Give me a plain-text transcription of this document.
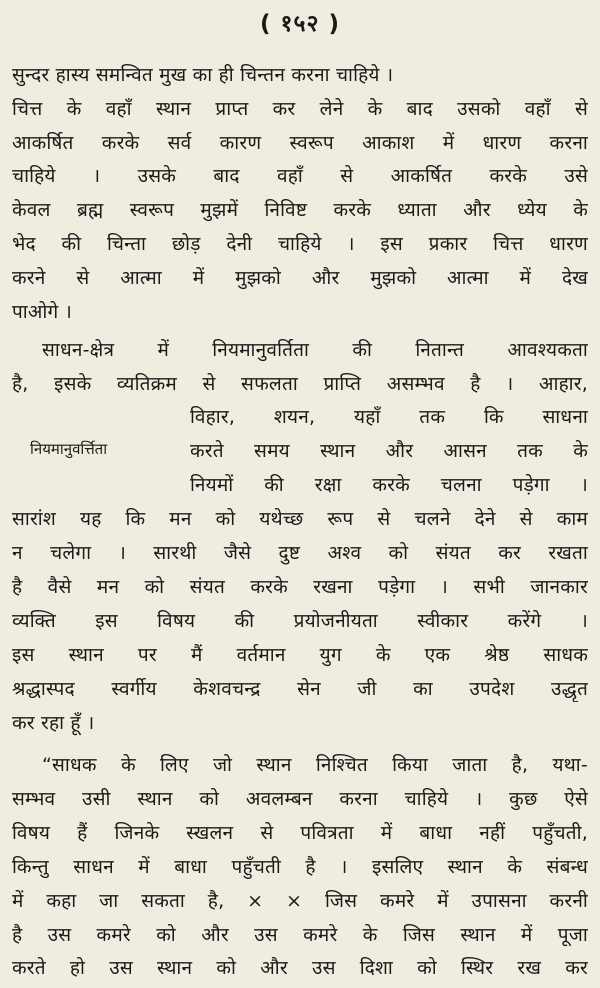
( १५२ )
सुन्दर हास्य समन्वित मुख का ही चिन्तन करना चाहिये ।
चित्त के वहाँ स्थान प्राप्त कर लेने के बाद उसको वहाँ से
आकर्षित करके सर्व कारण स्वरूप आकाश में धारण करना
चाहिये । उसके बाद वहाँ से आकर्षित करके उसे
केवल ब्रह्म स्वरूप मुझमें निविष्ट करके ध्याता और ध्येय के
भेद की चिन्ता छोड़ देनी चाहिये । इस प्रकार चित्त धारण
करने से आत्मा में मुझको और मुझको आत्मा में देख
पाओगे ।
साधन-क्षेत्र में नियमानुवर्तिता की नितान्त आवश्यकता
है, इसके व्यतिक्रम से सफलता प्राप्ति असम्भव है । आहार,
नियमानुवर्त्तिता
विहार, शयन, यहाँ तक कि साधना
करते समय स्थान और आसन तक के
नियमों की रक्षा करके चलना पड़ेगा ।
सारांश यह कि मन को यथेच्छ रूप से चलने देने से काम
न चलेगा । सारथी जैसे दुष्ट अश्व को संयत कर रखता
है वैसे मन को संयत करके रखना पड़ेगा । सभी जानकार
व्यक्ति इस विषय की प्रयोजनीयता स्वीकार करेंगे ।
इस स्थान पर मैं वर्तमान युग के एक श्रेष्ठ साधक
श्रद्धास्पद स्वर्गीय केशवचन्द्र सेन जी का उपदेश उद्धृत
कर रहा हूँ ।
“साधक के लिए जो स्थान निश्चित किया जाता है, यथा-
सम्भव उसी स्थान को अवलम्बन करना चाहिये । कुछ ऐसे
विषय हैं जिनके स्खलन से पवित्रता में बाधा नहीं पहुँचती,
किन्तु साधन में बाधा पहुँचती है । इसलिए स्थान के संबन्ध
में कहा जा सकता है, × × जिस कमरे में उपासना करनी
है उस कमरे को और उस कमरे के जिस स्थान में पूजा
करते हो उस स्थान को और उस दिशा को स्थिर रख कर
